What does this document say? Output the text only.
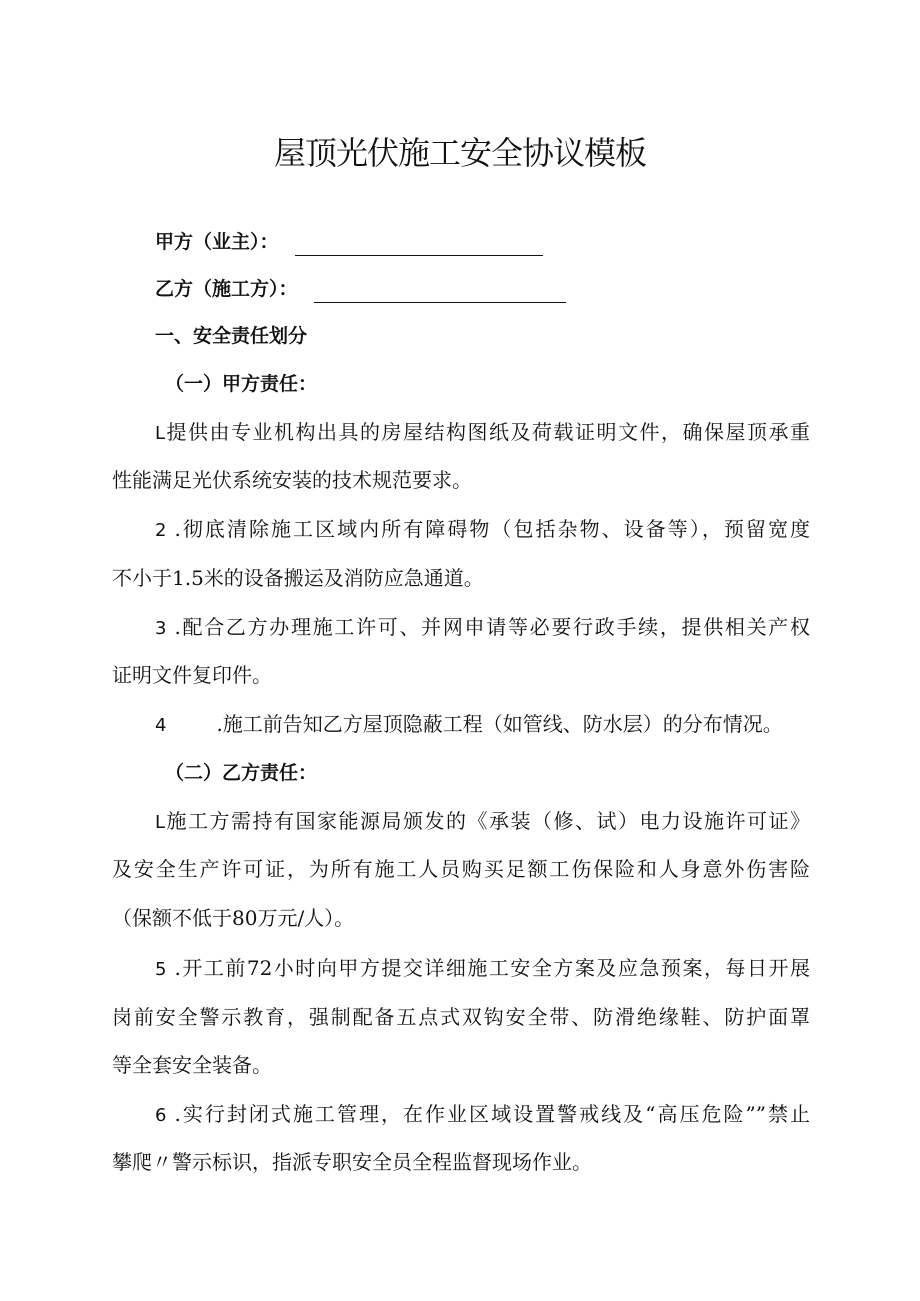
屋顶光伏施工安全协议模板
甲方（业主）：
乙方（施工方）：
一、安全责任划分
（一）甲方责任：
L提供由专业机构出具的房屋结构图纸及荷载证明文件，确保屋顶承重
性能满足光伏系统安装的技术规范要求。
2 .彻底清除施工区域内所有障碍物（包括杂物、设备等），预留宽度
不小于1.5米的设备搬运及消防应急通道。
3 .配合乙方办理施工许可、并网申请等必要行政手续，提供相关产权
证明文件复印件。
4	.施工前告知乙方屋顶隐蔽工程（如管线、防水层）的分布情况。
（二）乙方责任：
L施工方需持有国家能源局颁发的《承装（修、试）电力设施许可证》
及安全生产许可证，为所有施工人员购买足额工伤保险和人身意外伤害险
（保额不低于80万元/人）。
5 .开工前72小时向甲方提交详细施工安全方案及应急预案，每日开展
岗前安全警示教育，强制配备五点式双钩安全带、防滑绝缘鞋、防护面罩
等全套安全装备。
6 .实行封闭式施工管理，在作业区域设置警戒线及“高压危险””禁止
攀爬〃警示标识，指派专职安全员全程监督现场作业。
